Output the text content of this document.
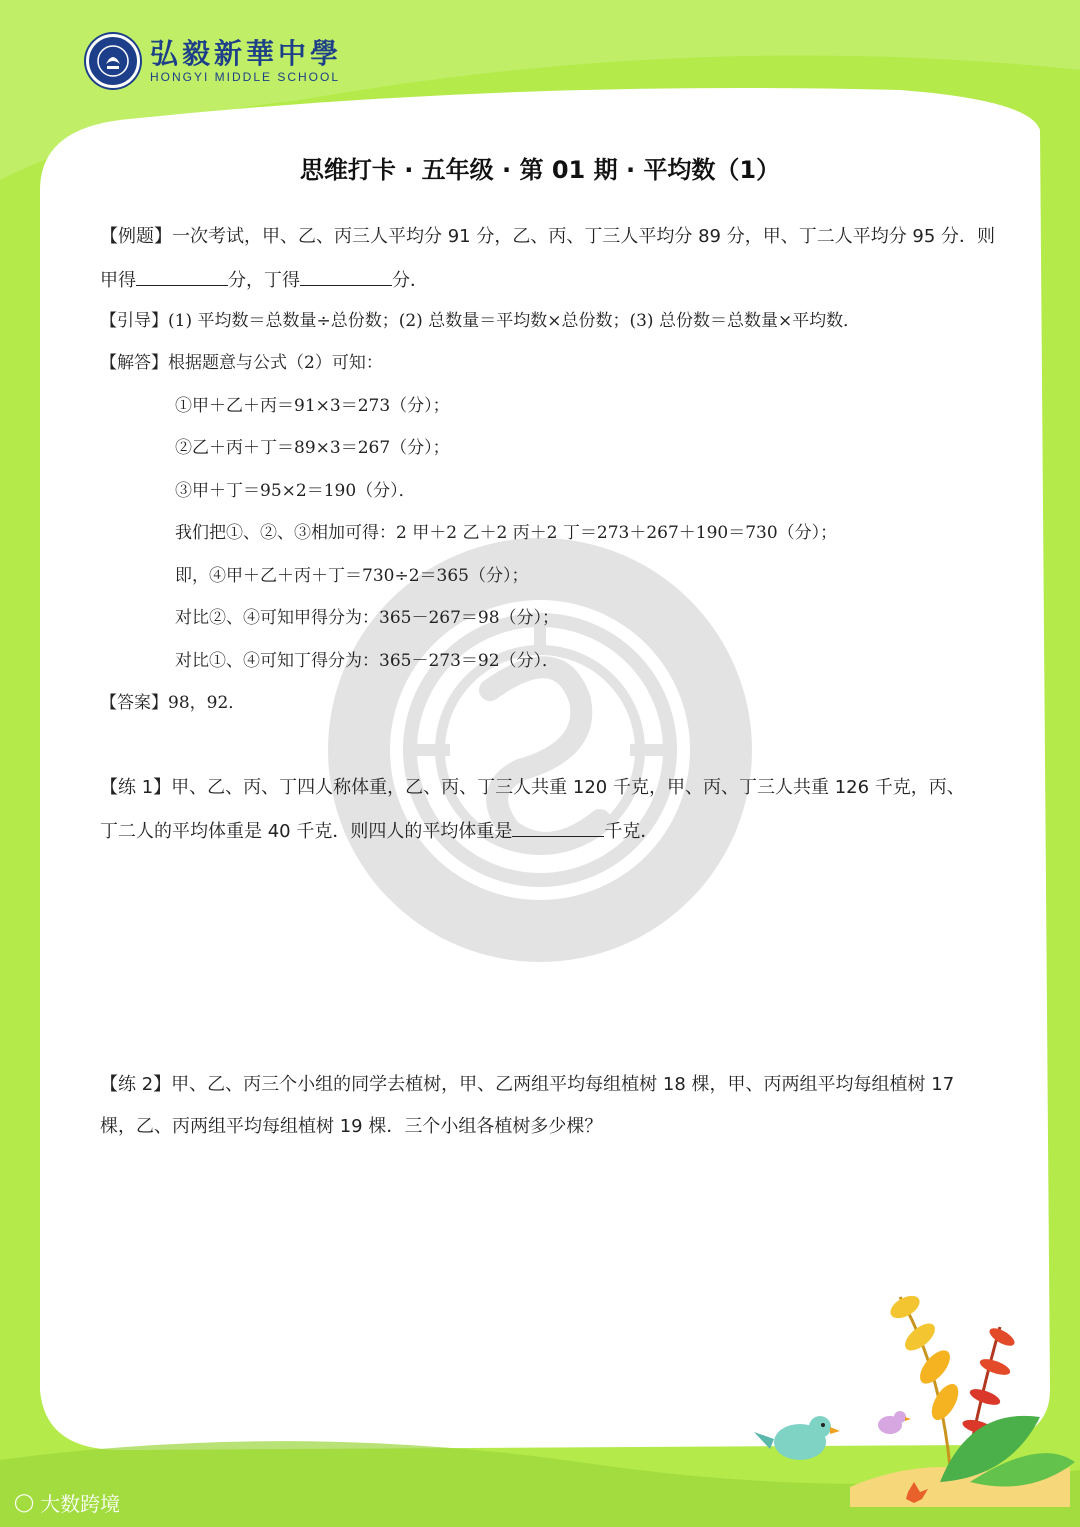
弘毅新華中學
HONGYI MIDDLE SCHOOL
思维打卡 · 五年级 · 第 01 期 · 平均数（1）
【例题】一次考试，甲、乙、丙三人平均分 91 分，乙、丙、丁三人平均分 89 分，甲、丁二人平均分 95 分．则
甲得	分，丁得	分．
【引导】(1) 平均数＝总数量÷总份数；(2) 总数量＝平均数×总份数；(3) 总份数＝总数量×平均数．
【解答】根据题意与公式（2）可知：
①甲＋乙＋丙＝91×3＝273（分）；
②乙＋丙＋丁＝89×3＝267（分）；
③甲＋丁＝95×2＝190（分）．
我们把①、②、③相加可得：2 甲＋2 乙＋2 丙＋2 丁＝273＋267＋190＝730（分）；
即，④甲＋乙＋丙＋丁＝730÷2＝365（分）；
对比②、④可知甲得分为：365－267＝98（分）；
对比①、④可知丁得分为：365－273＝92（分）．
【答案】98，92．
【练 1】甲、乙、丙、丁四人称体重，乙、丙、丁三人共重 120 千克，甲、丙、丁三人共重 126 千克，丙、
丁二人的平均体重是 40 千克．则四人的平均体重是	千克．
【练 2】甲、乙、丙三个小组的同学去植树，甲、乙两组平均每组植树 18 棵，甲、丙两组平均每组植树 17
棵，乙、丙两组平均每组植树 19 棵．三个小组各植树多少棵？
◯ 大数跨境
